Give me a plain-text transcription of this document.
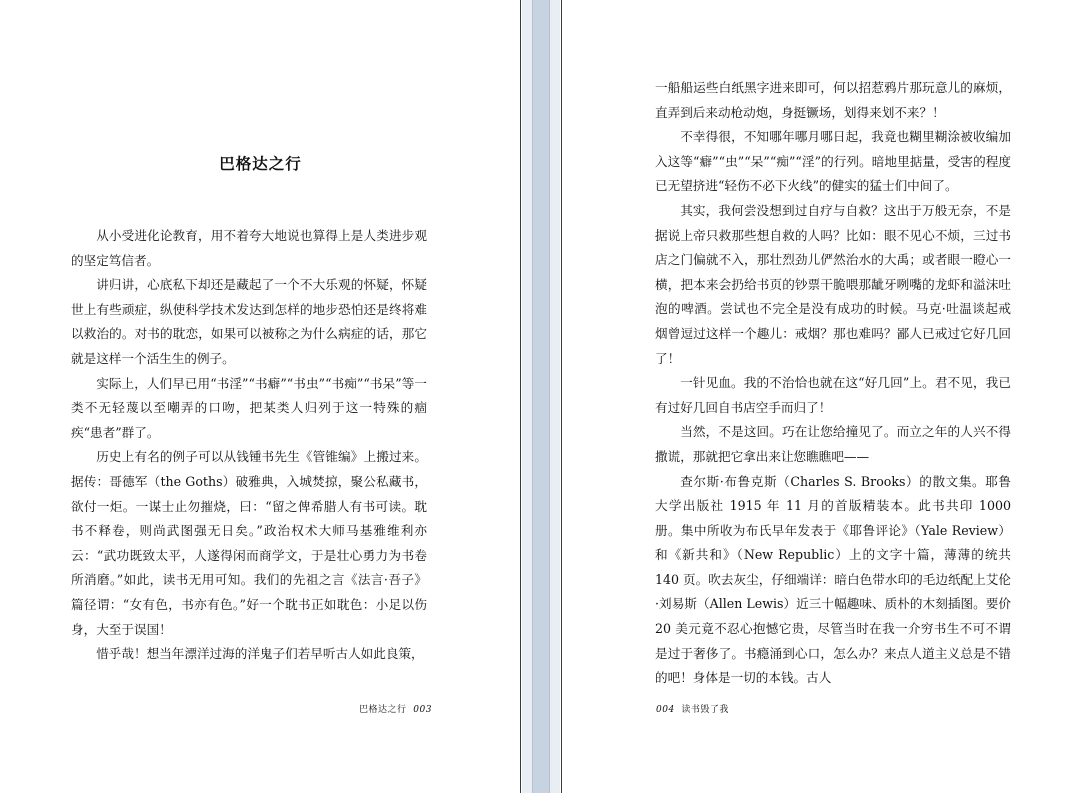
巴格达之行

从小受进化论教育，用不着夸大地说也算得上是人类进步观的坚定笃信者。

讲归讲，心底私下却还是藏起了一个不大乐观的怀疑，怀疑世上有些顽症，纵使科学技术发达到怎样的地步恐怕还是终将难以救治的。对书的耽恋，如果可以被称之为什么病症的话，那它就是这样一个活生生的例子。

实际上，人们早已用“书淫”“书癖”“书虫”“书痴”“书呆”等一类不无轻蔑以至嘲弄的口吻，把某类人归列于这一特殊的痼疾“患者”群了。

历史上有名的例子可以从钱锺书先生《管锥编》上搬过来。据传：哥德军（the Goths）破雅典，入城焚掠，聚公私藏书，欲付一炬。一谋士止勿摧烧，曰：“留之俾希腊人有书可读。耽书不释卷，则尚武图强无日矣。”政治权术大师马基雅维利亦云：“武功既致太平，人遂得闲而商学文，于是壮心勇力为书卷所消磨。”如此，读书无用可知。我们的先祖之言《法言·吾子》篇径谓：“女有色，书亦有色。”好一个耽书正如耽色：小足以伤身，大至于误国！

惜乎哉！想当年漂洋过海的洋鬼子们若早听古人如此良策，

巴格达之行 003

一船船运些白纸黑字进来即可，何以招惹鸦片那玩意儿的麻烦，直弄到后来动枪动炮，身挺镢场，划得来划不来？！

不幸得很，不知哪年哪月哪日起，我竟也糊里糊涂被收编加入这等“癖”“虫”“呆”“痴”“淫”的行列。暗地里掂量，受害的程度已无望挤进“轻伤不必下火线”的健实的猛士们中间了。

其实，我何尝没想到过自疗与自救？这出于万般无奈，不是据说上帝只救那些想自救的人吗？比如：眼不见心不烦，三过书店之门偏就不入，那壮烈劲儿俨然治水的大禹；或者眼一瞪心一横，把本来会扔给书页的钞票干脆喂那龇牙咧嘴的龙虾和溢沫吐泡的啤酒。尝试也不完全是没有成功的时候。马克·吐温谈起戒烟曾逗过这样一个趣儿：戒烟？那也难吗？鄙人已戒过它好几回了！

一针见血。我的不治恰也就在这“好几回”上。君不见，我已有过好几回自书店空手而归了！

当然，不是这回。巧在让您给撞见了。而立之年的人兴不得撒谎，那就把它拿出来让您瞧瞧吧——

查尔斯·布鲁克斯（Charles S. Brooks）的散文集。耶鲁大学出版社 1915 年 11 月的首版精装本。此书共印 1000 册。集中所收为布氏早年发表于《耶鲁评论》（Yale Review）和《新共和》（New Republic）上的文字十篇，薄薄的统共 140 页。吹去灰尘，仔细端详：暗白色带水印的毛边纸配上艾伦·刘易斯（Allen Lewis）近三十幅趣味、质朴的木刻插图。要价 20 美元竟不忍心抱憾它贵，尽管当时在我一介穷书生不可不谓是过于奢侈了。书瘾涌到心口，怎么办？来点人道主义总是不错的吧！身体是一切的本钱。古人

004 读书毁了我
